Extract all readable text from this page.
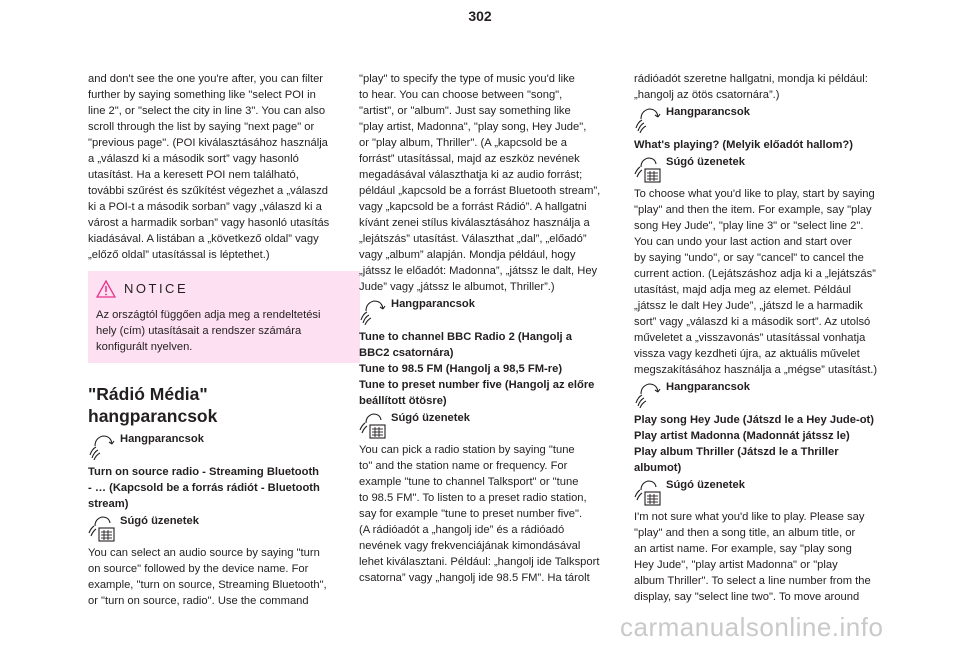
302

and don't see the one you're after, you can filter
further by saying something like "select POI in
line 2", or "select the city in line 3". You can also
scroll through the list by saying "next page" or
"previous page". (POI kiválasztásához használja
a „válaszd ki a második sort” vagy hasonló
utasítást. Ha a keresett POI nem található,
további szűrést és szűkítést végezhet a „válaszd
ki a POI-t a második sorban” vagy „válaszd ki a
várost a harmadik sorban” vagy hasonló utasítás
kiadásával. A listában a „következő oldal” vagy
„előző oldal” utasítással is léptethet.)

NOTICE
Az országtól függően adja meg a rendeltetési
hely (cím) utasításait a rendszer számára
konfigurált nyelven.
"Rádió Média"
hangparancsok
Hangparancsok
Turn on source radio - Streaming Bluetooth
- … (Kapcsold be a forrás rádiót - Bluetooth
stream)
Súgó üzenetek

You can select an audio source by saying "turn
on source" followed by the device name. For
example, "turn on source, Streaming Bluetooth",
or "turn on source, radio". Use the command

"play" to specify the type of music you'd like
to hear. You can choose between "song",
"artist", or "album". Just say something like
"play artist, Madonna", "play song, Hey Jude",
or "play album, Thriller". (A „kapcsold be a
forrást” utasítással, majd az eszköz nevének
megadásával választhatja ki az audio forrást;
például „kapcsold be a forrást Bluetooth stream”,
vagy „kapcsold be a forrást Rádió”. A hallgatni
kívánt zenei stílus kiválasztásához használja a
„lejátszás” utasítást. Választhat „dal”, „előadó”
vagy „album” alapján. Mondja például, hogy
„játssz le előadót: Madonna”, „játssz le dalt, Hey
Jude” vagy „játssz le albumot, Thriller”.)

Hangparancsok
Tune to channel BBC Radio 2 (Hangolj a
BBC2 csatornára)
Tune to 98.5 FM (Hangolj a 98,5 FM-re)
Tune to preset number five (Hangolj az előre
beállított ötösre)
Súgó üzenetek

You can pick a radio station by saying "tune
to" and the station name or frequency. For
example "tune to channel Talksport" or "tune
to 98.5 FM". To listen to a preset radio station,
say for example "tune to preset number five".
(A rádióadót a „hangolj ide” és a rádióadó
nevének vagy frekvenciájának kimondásával
lehet kiválasztani. Például: „hangolj ide Talksport
csatorna” vagy „hangolj ide 98.5 FM”. Ha tárolt

rádióadót szeretne hallgatni, mondja ki például:
„hangolj az ötös csatornára”.)

Hangparancsok
What's playing? (Melyik előadót hallom?)
Súgó üzenetek

To choose what you'd like to play, start by saying
"play" and then the item. For example, say "play
song Hey Jude", "play line 3" or "select line 2".
You can undo your last action and start over
by saying "undo", or say "cancel" to cancel the
current action. (Lejátszáshoz adja ki a „lejátszás”
utasítást, majd adja meg az elemet. Például
„játssz le dalt Hey Jude”, „játszd le a harmadik
sort” vagy „válaszd ki a második sort”. Az utolsó
műveletet a „visszavonás” utasítással vonhatja
vissza vagy kezdheti újra, az aktuális művelet
megszakításához használja a „mégse” utasítást.)

Hangparancsok
Play song Hey Jude (Játszd le a Hey Jude-ot)
Play artist Madonna (Madonnát játssz le)
Play album Thriller (Játszd le a Thriller
albumot)
Súgó üzenetek

I'm not sure what you'd like to play. Please say
"play" and then a song title, an album title, or
an artist name. For example, say "play song
Hey Jude", "play artist Madonna" or "play
album Thriller". To select a line number from the
display, say "select line two". To move around

carmanualsonline.info
